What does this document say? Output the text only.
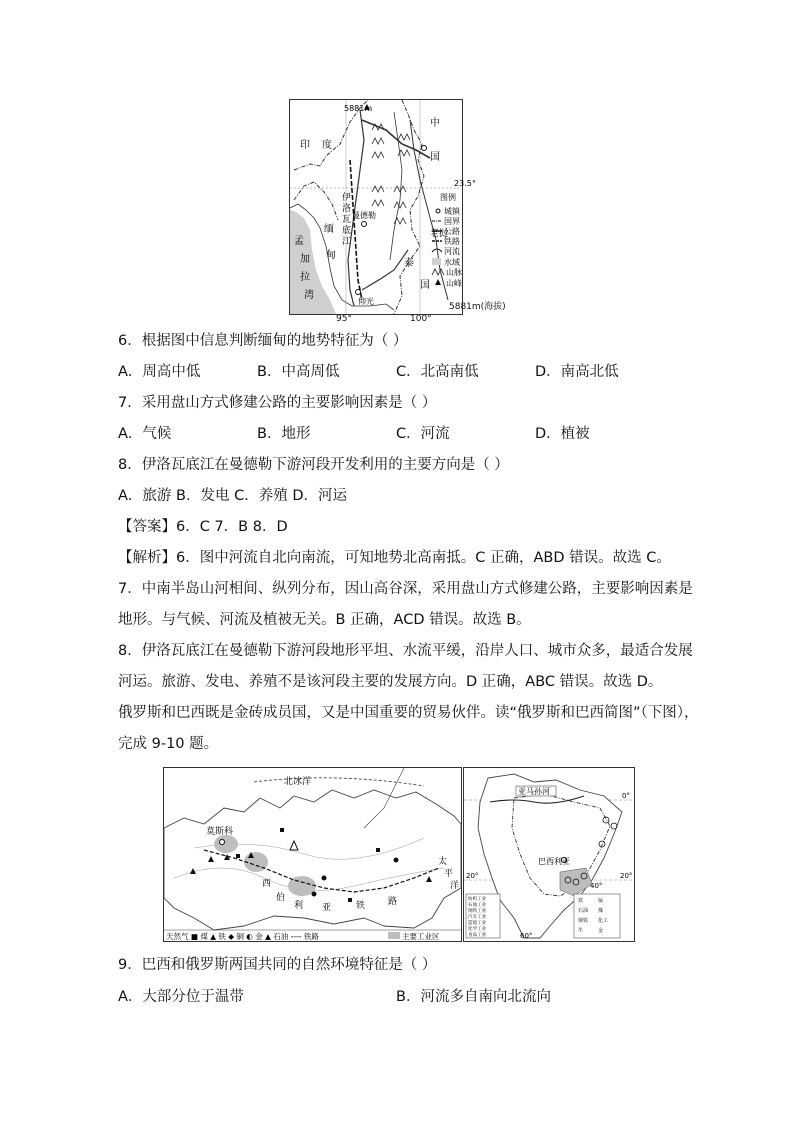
5881m
印 度
中
国
孟
加
拉
湾
缅
甸
泰
国
老挝
伊
洛
瓦
底
江
曼德勒
仰光
23.5°
图例
城镇
国界
公路
铁路
河流
水域
山脉
山峰
5881m(海拔)
95°	100°
6．根据图中信息判断缅甸的地势特征为（ ）
A．周高中低	B．中高周低	C．北高南低	D．南高北低
7．采用盘山方式修建公路的主要影响因素是（ ）
A．气候	B．地形	C．河流	D．植被
8．伊洛瓦底江在曼德勒下游河段开发利用的主要方向是（ ）
A．旅游 B．发电 C．养殖 D．河运
【答案】6．C 7．B 8．D
【解析】6．图中河流自北向南流，可知地势北高南抵。C 正确，ABD 错误。故选 C。
7．中南半岛山河相间、纵列分布，因山高谷深，采用盘山方式修建公路，主要影响因素是
地形。与气候、河流及植被无关。B 正确，ACD 错误。故选 B。
8．伊洛瓦底江在曼德勒下游河段地形平坦、水流平缓，沿岸人口、城市众多，最适合发展
河运。旅游、发电、养殖不是该河段主要的发展方向。D 正确，ABC 错误。故选 D。
俄罗斯和巴西既是金砖成员国，又是中国重要的贸易伙伴。读“俄罗斯和巴西简图”（下图），
完成 9-10 题。
北冰洋
莫斯科
太
平
洋
西
伯
利 亚	铁	路
天然气 ■ 煤 ▲ 铁 ◆ 铜 ◐ 金 ▲ 石油 ---- 铁路	主要工业区
亚马孙河
巴西利亚
0°
20°	20°
40°
60°
纺织工业
石油工业
钢铁工业
汽车工业
造船工业
化学工业
食品工业
铁	锰
石油 煤
钢铁 化工
牛	金
9．巴西和俄罗斯两国共同的自然环境特征是（ ）
A．大部分位于温带	B．河流多自南向北流向
